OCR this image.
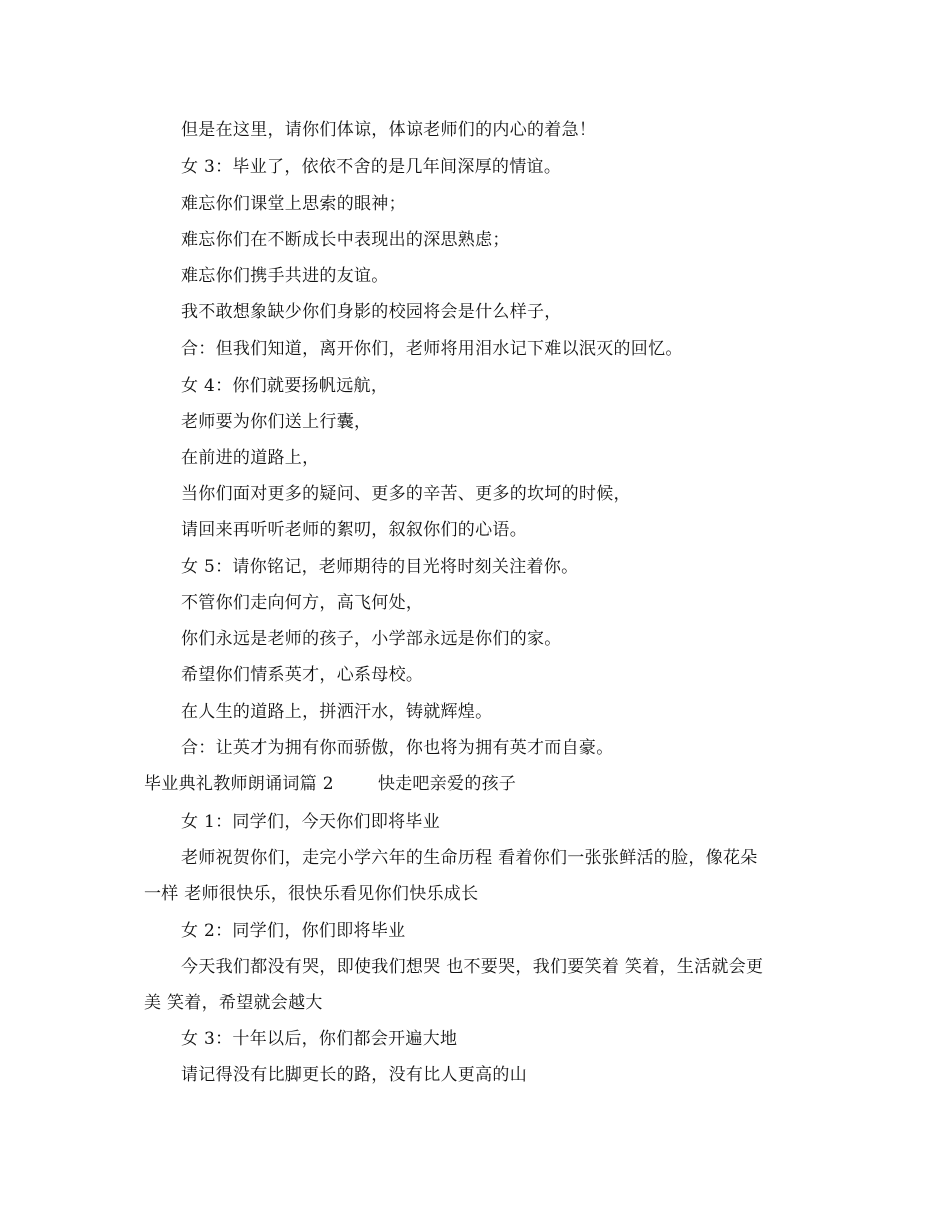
但是在这里，请你们体谅，体谅老师们的内心的着急！
女 3：毕业了，依依不舍的是几年间深厚的情谊。
难忘你们课堂上思索的眼神；
难忘你们在不断成长中表现出的深思熟虑；
难忘你们携手共进的友谊。
我不敢想象缺少你们身影的校园将会是什么样子，
合：但我们知道，离开你们，老师将用泪水记下难以泯灭的回忆。
女 4：你们就要扬帆远航，
老师要为你们送上行囊，
在前进的道路上，
当你们面对更多的疑问、更多的辛苦、更多的坎坷的时候，
请回来再听听老师的絮叨，叙叙你们的心语。
女 5：请你铭记，老师期待的目光将时刻关注着你。
不管你们走向何方，高飞何处，
你们永远是老师的孩子，小学部永远是你们的家。
希望你们情系英才，心系母校。
在人生的道路上，拼洒汗水，铸就辉煌。
合：让英才为拥有你而骄傲，你也将为拥有英才而自豪。
毕业典礼教师朗诵词篇 2	快走吧亲爱的孩子
女 1：同学们，今天你们即将毕业
老师祝贺你们，走完小学六年的生命历程 看着你们一张张鲜活的脸，像花朵
一样 老师很快乐，很快乐看见你们快乐成长
女 2：同学们，你们即将毕业
今天我们都没有哭，即使我们想哭 也不要哭，我们要笑着 笑着，生活就会更
美 笑着，希望就会越大
女 3：十年以后，你们都会开遍大地
请记得没有比脚更长的路，没有比人更高的山
